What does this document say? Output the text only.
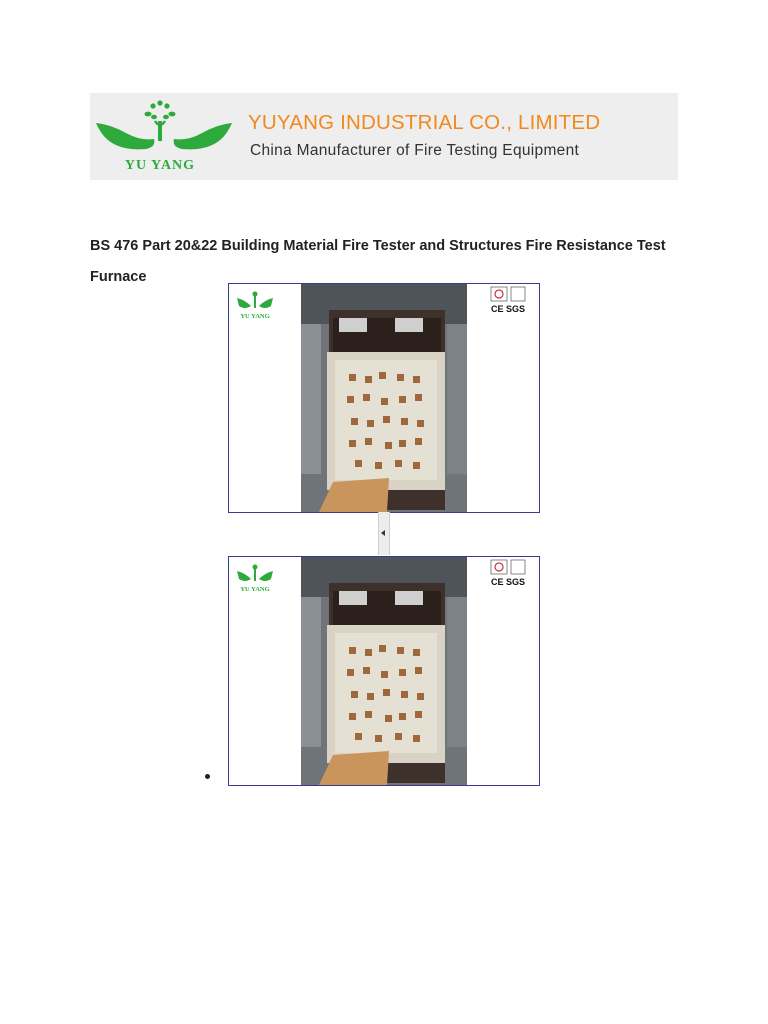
YU YANG
YUYANG INDUSTRIAL CO., LIMITED
China Manufacturer of Fire Testing Equipment
BS 476 Part 20&22 Building Material Fire Tester and Structures Fire Resistance Test Furnace
YU YANG
CE SGS
YU YANG
CE SGS
